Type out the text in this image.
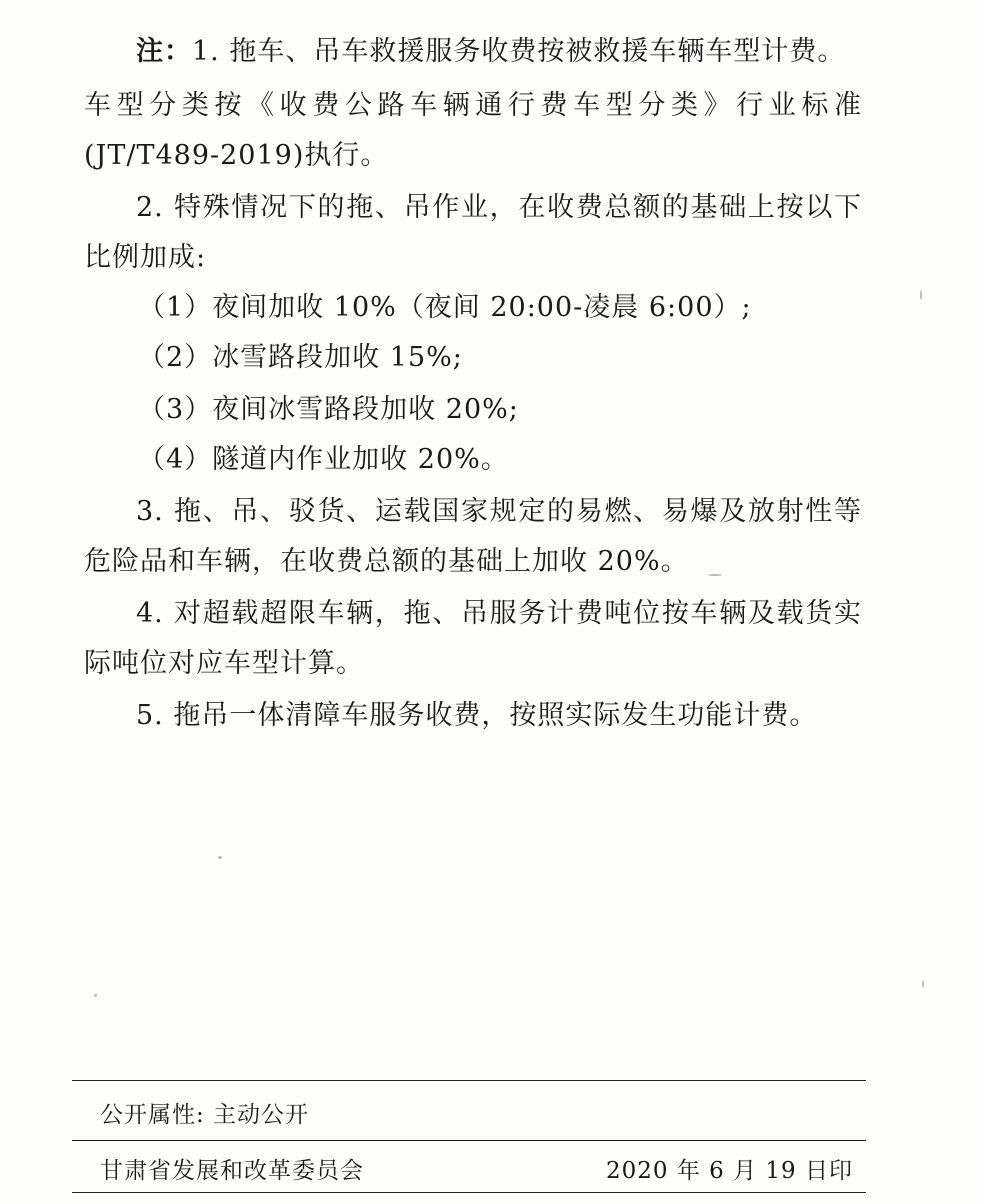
注：1. 拖车、吊车救援服务收费按被救援车辆车型计费。
车型分类按《收费公路车辆通行费车型分类》行业标准
(JT/T489-2019)执行。
2. 特殊情况下的拖、吊作业，在收费总额的基础上按以下
比例加成:
（1）夜间加收 10%（夜间 20:00-凌晨 6:00）;
（2）冰雪路段加收 15%;
（3）夜间冰雪路段加收 20%;
（4）隧道内作业加收 20%。
3. 拖、吊、驳货、运载国家规定的易燃、易爆及放射性等
危险品和车辆，在收费总额的基础上加收 20%。
4. 对超载超限车辆，拖、吊服务计费吨位按车辆及载货实
际吨位对应车型计算。
5. 拖吊一体清障车服务收费，按照实际发生功能计费。
公开属性: 主动公开
甘肃省发展和改革委员会	2020 年 6 月 19 日印
